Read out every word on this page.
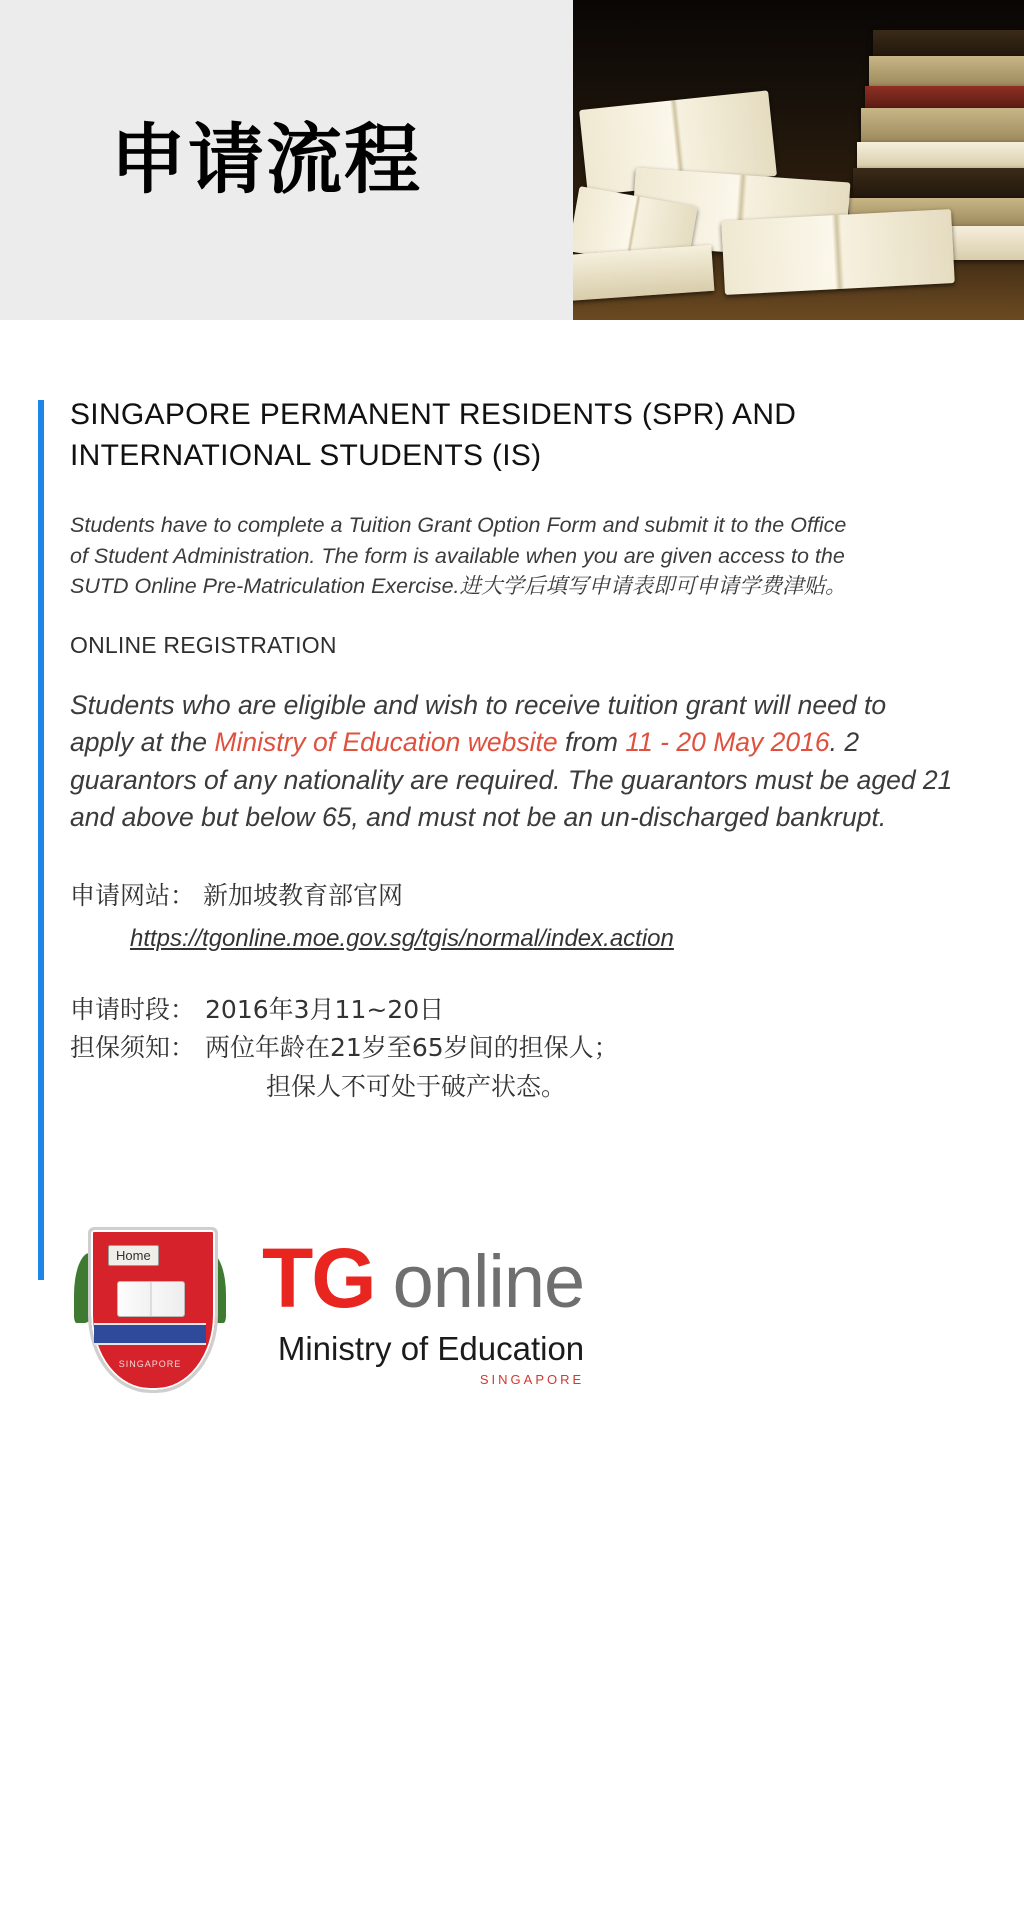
申请流程
SINGAPORE PERMANENT RESIDENTS (SPR) AND INTERNATIONAL STUDENTS (IS)

Students have to complete a Tuition Grant Option Form and submit it to the Office of Student Administration. The form is available when you are given access to the SUTD Online Pre-Matriculation Exercise.进大学后填写申请表即可申请学费津贴。

ONLINE REGISTRATION

Students who are eligible and wish to receive tuition grant will need to apply at the Ministry of Education website from 11 - 20 May 2016. 2 guarantors of any nationality are required. The guarantors must be aged 21 and above but below 65, and must not be an un-discharged bankrupt.

申请网站： 新加坡教育部官网
https://tgonline.moe.gov.sg/tgis/normal/index.action
申请时段： 2016年3月11~20日
担保须知： 两位年龄在21岁至65岁间的担保人；
担保人不可处于破产状态。
Home
SINGAPORE
TG online
Ministry of Education
SINGAPORE
